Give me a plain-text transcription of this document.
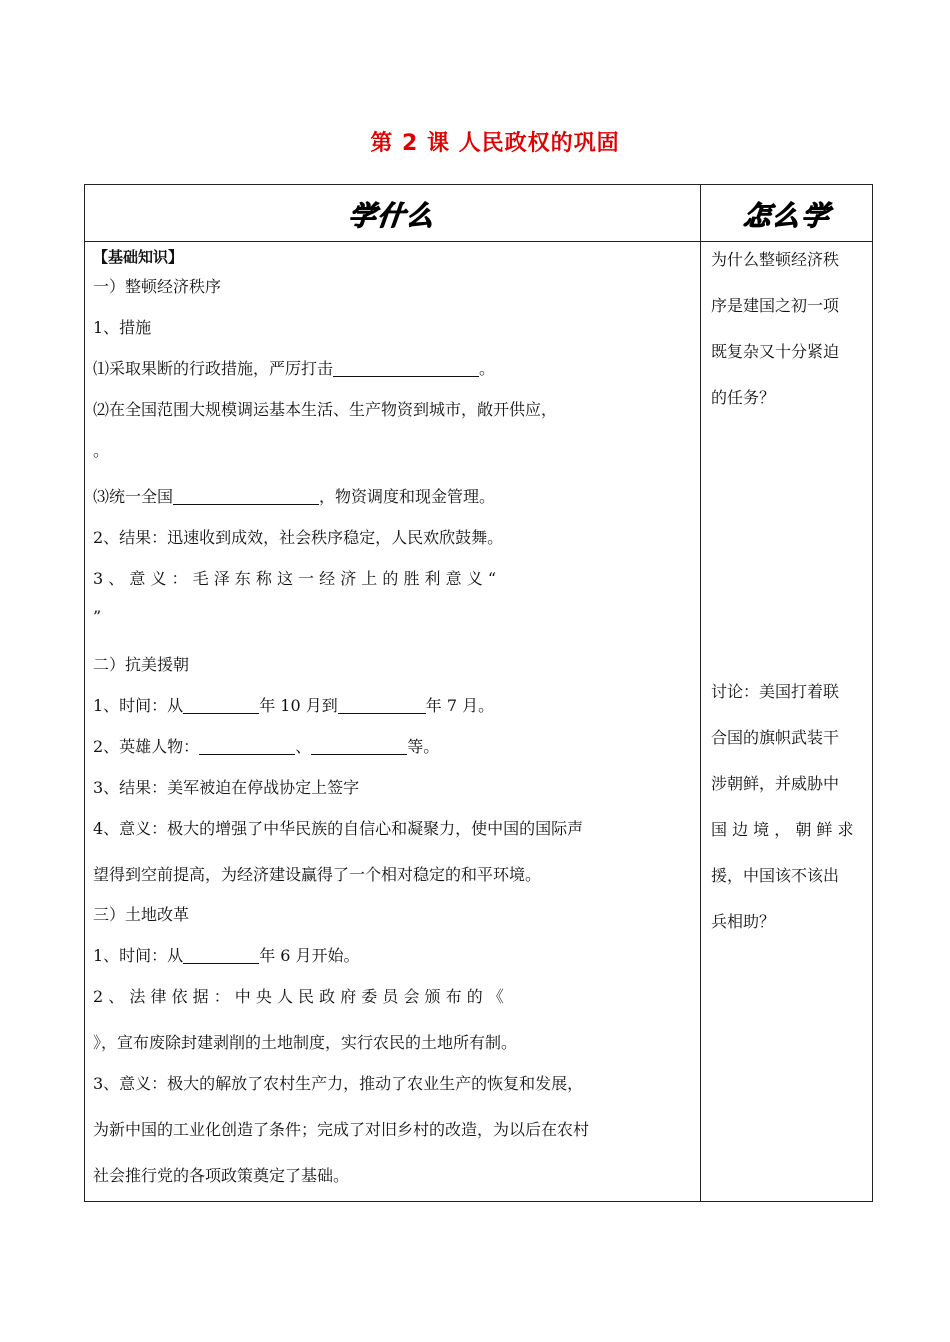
第 2 课 人民政权的巩固
学什么	怎么学
【基础知识】
一）整顿经济秩序
1、措施
⑴采取果断的行政措施，严厉打击	。
⑵在全国范围大规模调运基本生活、生产物资到城市，敞开供应，
。
⑶统一全国	，物资调度和现金管理。
2、结果：迅速收到成效，社会秩序稳定，人民欢欣鼓舞。
3 、 意 义 ： 毛 泽 东 称 这 一 经 济 上 的 胜 利 意 义 “
”
二）抗美援朝
1、时间：从	年 10 月到	年 7 月。
2、英雄人物：	、	等。
3、结果：美军被迫在停战协定上签字
4、意义：极大的增强了中华民族的自信心和凝聚力，使中国的国际声
望得到空前提高，为经济建设赢得了一个相对稳定的和平环境。
三）土地改革
1、时间：从	年 6 月开始。
2 、 法 律 依 据 ： 中 央 人 民 政 府 委 员 会 颁 布 的 《
》，宣布废除封建剥削的土地制度，实行农民的土地所有制。
3、意义：极大的解放了农村生产力，推动了农业生产的恢复和发展，
为新中国的工业化创造了条件；完成了对旧乡村的改造，为以后在农村
社会推行党的各项政策奠定了基础。
为什么整顿经济秩
序是建国之初一项
既复杂又十分紧迫
的任务？
讨论：美国打着联
合国的旗帜武装干
涉朝鲜，并威胁中
国 边 境 ， 朝 鲜 求
援，中国该不该出
兵相助？
